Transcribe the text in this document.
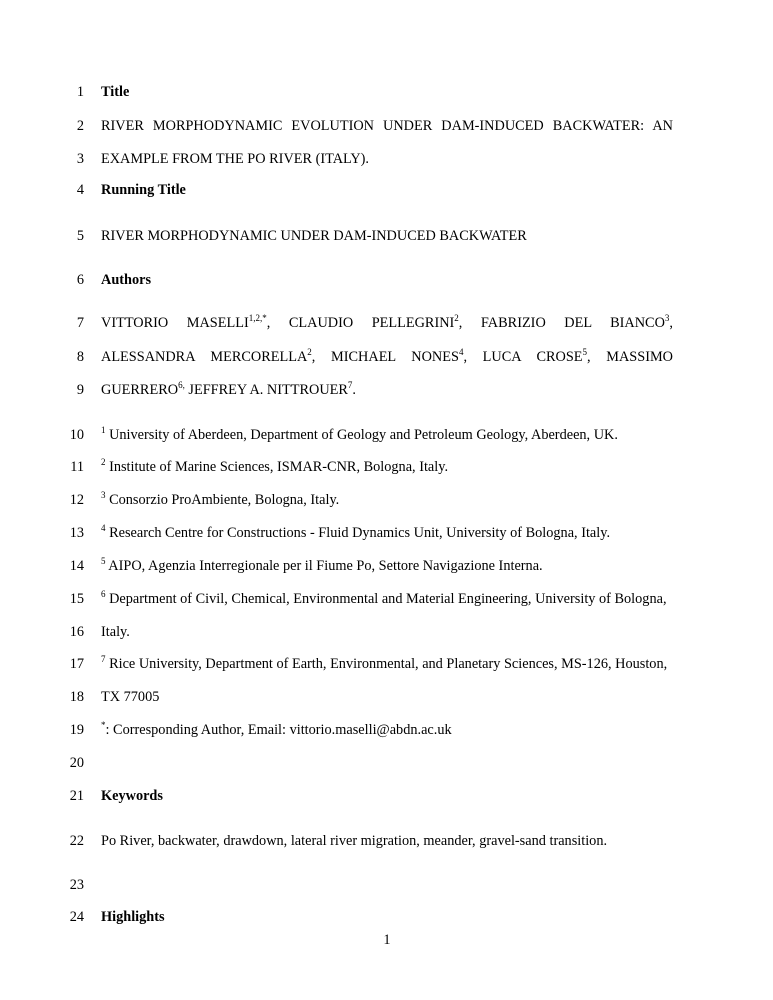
1
2
3
4
5
6
7
8
9
10
11
12
13
14
15
16
17
18
19
20
21
22
23
24
Title
RIVER MORPHODYNAMIC EVOLUTION UNDER DAM-INDUCED BACKWATER: AN
EXAMPLE FROM THE PO RIVER (ITALY).
Running Title
RIVER MORPHODYNAMIC UNDER DAM-INDUCED BACKWATER
Authors
VITTORIO $MASELLI^{1,2,*}$, CLAUDIO PELLEGRINI$^2$, FABRIZIO DEL BIANCO$^3$,
ALESSANDRA MERCORELLA$^2$, MICHAEL NONES$^4$, LUCA CROSE$^5$, MASSIMO
$GUERRERO^{6,}$ JEFFREY A. NITTROUER$^7$.
$^1$ University of Aberdeen, Department of Geology and Petroleum Geology, Aberdeen, UK.
$^2$ Institute of Marine Sciences, ISMAR-CNR, Bologna, Italy.
$^3$ Consorzio ProAmbiente, Bologna, Italy.
$^4$ Research Centre for Constructions - Fluid Dynamics Unit, University of Bologna, Italy.
$^5$ AIPO, Agenzia Interregionale per il Fiume Po, Settore Navigazione Interna.
$^6$ Department of Civil, Chemical, Environmental and Material Engineering, University of Bologna,
Italy.
$^7$ Rice University, Department of Earth, Environmental, and Planetary Sciences, MS-126, Houston,
TX 77005
*: Corresponding Author, Email: vittorio.maselli@abdn.ac.uk
Keywords
Po River, backwater, drawdown, lateral river migration, meander, gravel-sand transition.
Highlights
1
